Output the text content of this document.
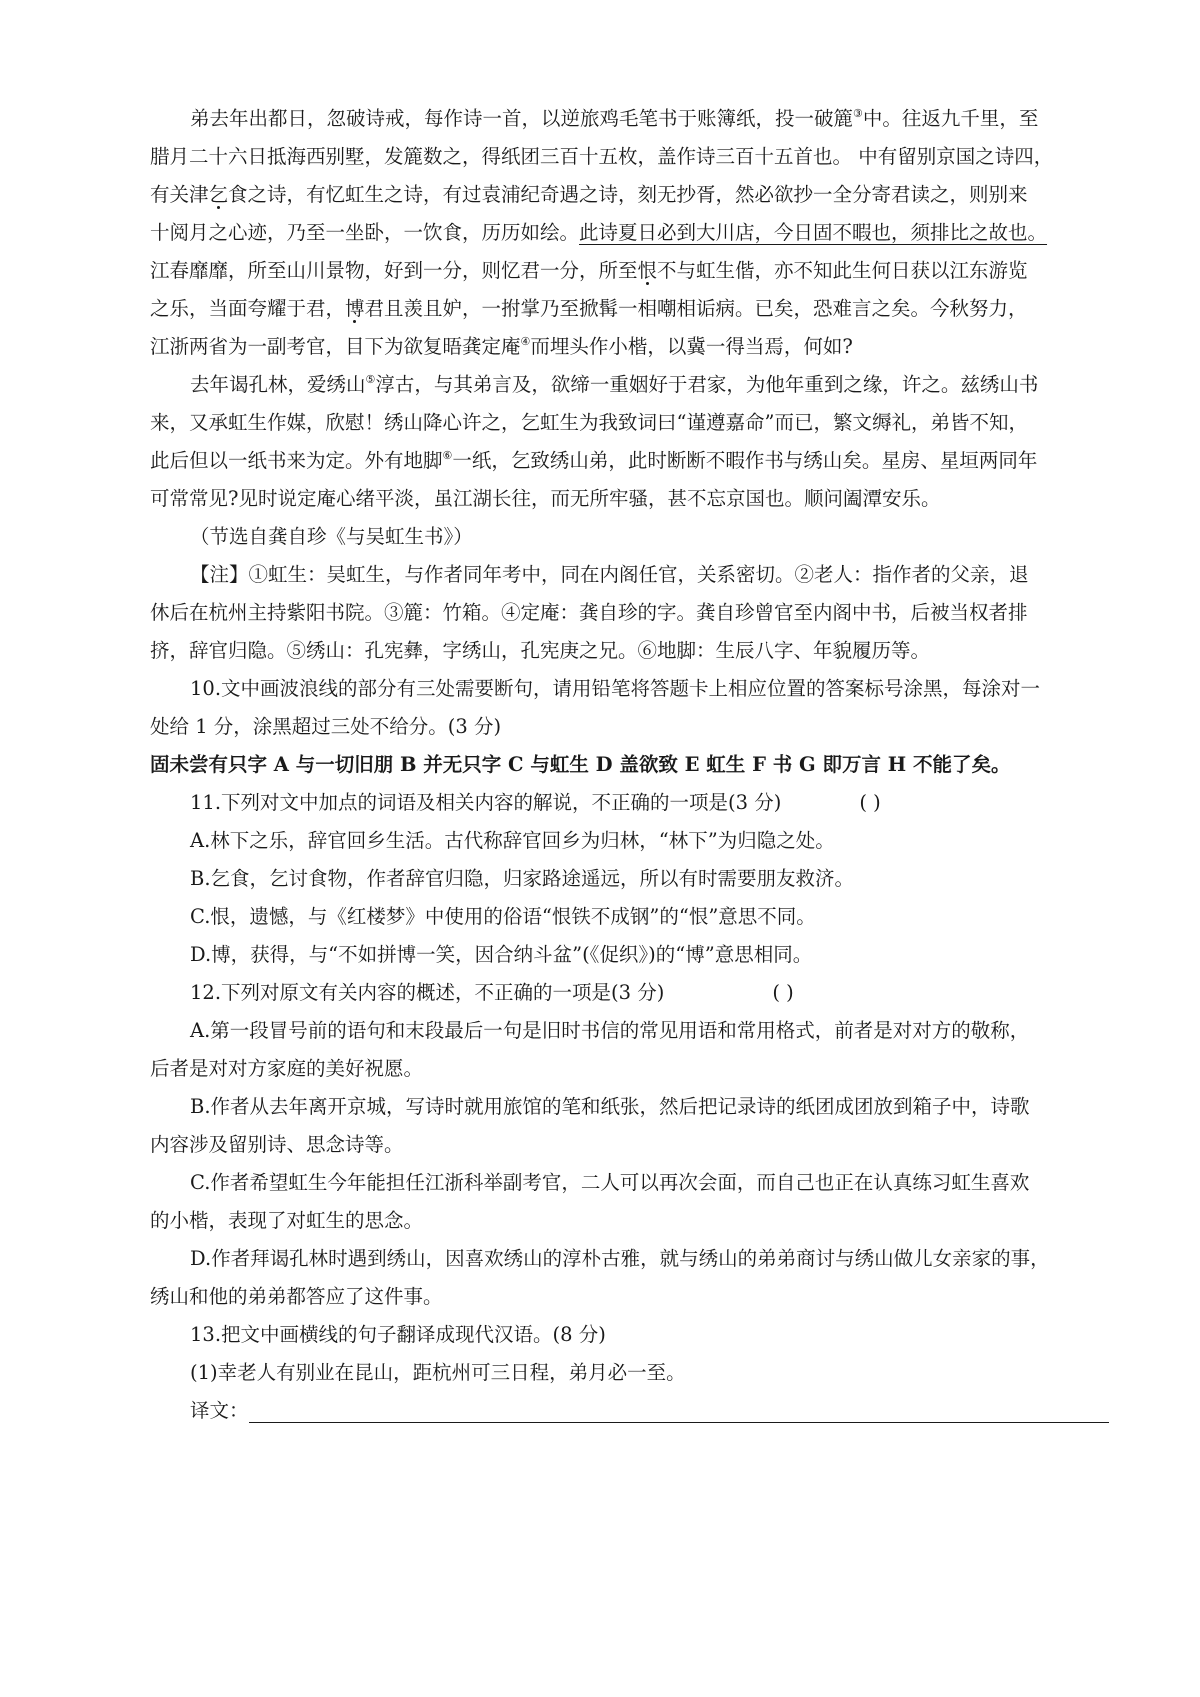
弟去年出都日，忽破诗戒，每作诗一首，以逆旅鸡毛笔书于账簿纸，投一破簏③中。往返九千里，至
腊月二十六日抵海西别墅，发簏数之，得纸团三百十五枚，盖作诗三百十五首也。 中有留别京国之诗四，
有关津乞食之诗，有忆虹生之诗，有过袁浦纪奇遇之诗，刻无抄胥，然必欲抄一全分寄君读之，则别来
十阅月之心迹，乃至一坐卧，一饮食，历历如绘。此诗夏日必到大川店，今日固不暇也，须排比之故也。
江春靡靡，所至山川景物，好到一分，则忆君一分，所至恨不与虹生偕，亦不知此生何日获以江东游览
之乐，当面夸耀于君，博君且羡且妒，一拊掌乃至掀髯一相嘲相诟病。已矣，恐难言之矣。今秋努力，
江浙两省为一副考官，目下为欲复晤龚定庵④而埋头作小楷，以冀一得当焉，何如?
去年谒孔林，爱绣山⑤淳古，与其弟言及，欲缔一重姻好于君家，为他年重到之缘，许之。兹绣山书
来，又承虹生作媒，欣慰！绣山降心许之，乞虹生为我致词曰“谨遵嘉命”而已，繁文缛礼，弟皆不知，
此后但以一纸书来为定。外有地脚⑥一纸，乞致绣山弟，此时断断不暇作书与绣山矣。星房、星垣两同年
可常常见?见时说定庵心绪平淡，虽江湖长往，而无所牢骚，甚不忘京国也。顺问阖潭安乐。
（节选自龚自珍《与吴虹生书》）
【注】①虹生：吴虹生，与作者同年考中，同在内阁任官，关系密切。②老人：指作者的父亲，退
休后在杭州主持紫阳书院。③簏：竹箱。④定庵：龚自珍的字。龚自珍曾官至内阁中书，后被当权者排
挤，辞官归隐。⑤绣山：孔宪彝，字绣山，孔宪庚之兄。⑥地脚：生辰八字、年貌履历等。
10.文中画波浪线的部分有三处需要断句，请用铅笔将答题卡上相应位置的答案标号涂黑，每涂对一
处给 1 分，涂黑超过三处不给分。(3 分)
固未尝有只字 A 与一切旧朋 B 并无只字 C 与虹生 D 盖欲致 E 虹生 F 书 G 即万言 H 不能了矣。
11.下列对文中加点的词语及相关内容的解说，不正确的一项是(3 分)	( )
A.林下之乐，辞官回乡生活。古代称辞官回乡为归林，“林下”为归隐之处。
B.乞食，乞讨食物，作者辞官归隐，归家路途遥远，所以有时需要朋友救济。
C.恨，遗憾，与《红楼梦》中使用的俗语“恨铁不成钢”的“恨”意思不同。
D.博，获得，与“不如拼博一笑，因合纳斗盆”(《促织》)的“博”意思相同。
12.下列对原文有关内容的概述，不正确的一项是(3 分)	( )
A.第一段冒号前的语句和末段最后一句是旧时书信的常见用语和常用格式，前者是对对方的敬称，
后者是对对方家庭的美好祝愿。
B.作者从去年离开京城，写诗时就用旅馆的笔和纸张，然后把记录诗的纸团成团放到箱子中，诗歌
内容涉及留别诗、思念诗等。
C.作者希望虹生今年能担任江浙科举副考官，二人可以再次会面，而自己也正在认真练习虹生喜欢
的小楷，表现了对虹生的思念。
D.作者拜谒孔林时遇到绣山，因喜欢绣山的淳朴古雅，就与绣山的弟弟商讨与绣山做儿女亲家的事，
绣山和他的弟弟都答应了这件事。
13.把文中画横线的句子翻译成现代汉语。(8 分)
(1)幸老人有别业在昆山，距杭州可三日程，弟月必一至。
译文：
